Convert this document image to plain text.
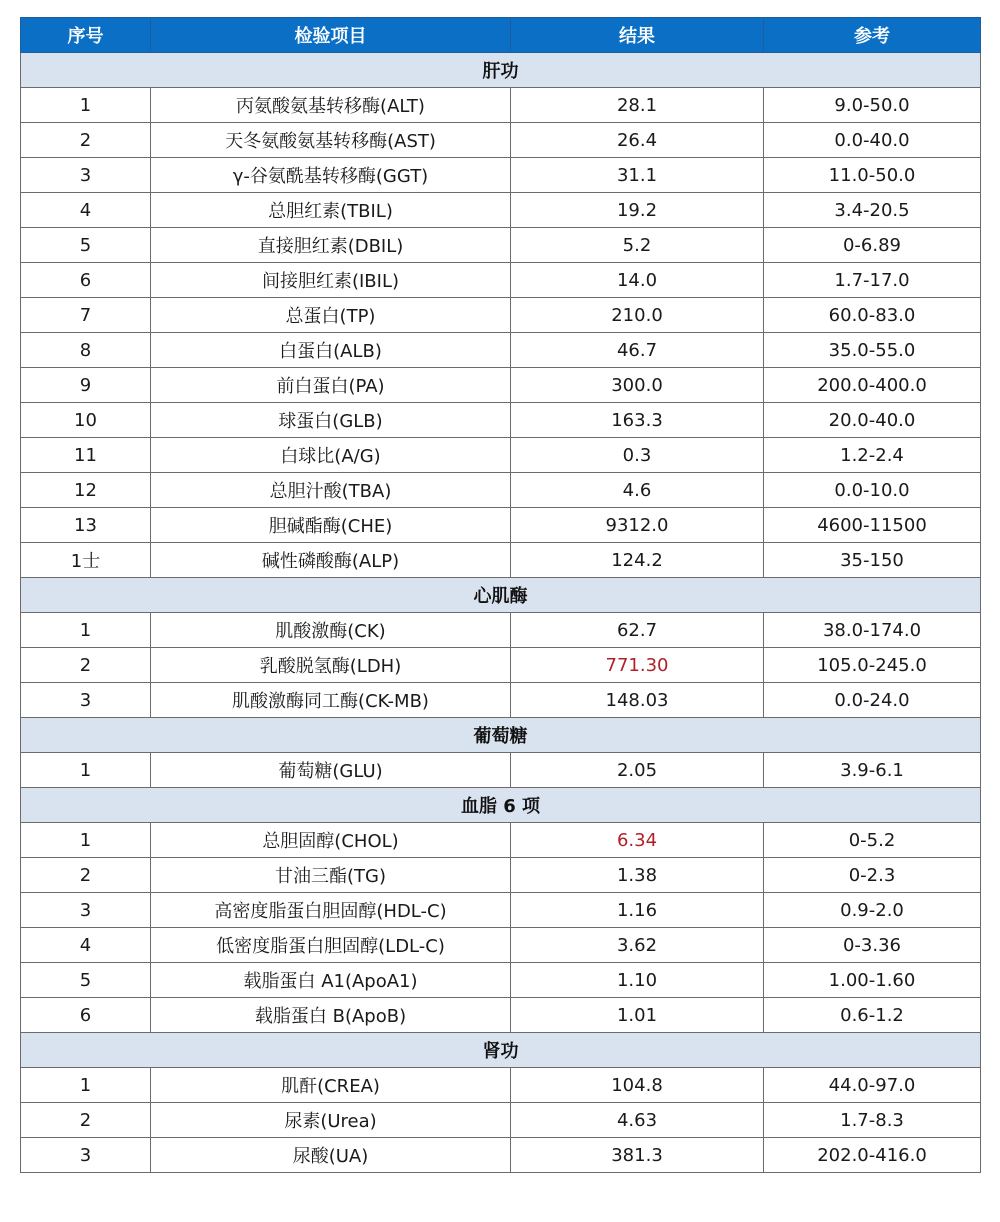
序号	检验项目	结果	参考
肝功			
1	丙氨酸氨基转移酶(ALT)	28.1	9.0-50.0
2	天冬氨酸氨基转移酶(AST)	26.4	0.0-40.0
3	γ-谷氨酰基转移酶(GGT)	31.1	11.0-50.0
4	总胆红素(TBIL)	19.2	3.4-20.5
5	直接胆红素(DBIL)	5.2	0-6.89
6	间接胆红素(IBIL)	14.0	1.7-17.0
7	总蛋白(TP)	210.0	60.0-83.0
8	白蛋白(ALB)	46.7	35.0-55.0
9	前白蛋白(PA)	300.0	200.0-400.0
10	球蛋白(GLB)	163.3	20.0-40.0
11	白球比(A/G)	0.3	1.2-2.4
12	总胆汁酸(TBA)	4.6	0.0-10.0
13	胆碱酯酶(CHE)	9312.0	4600-11500
1士	碱性磷酸酶(ALP)	124.2	35-150
心肌酶			
1	肌酸激酶(CK)	62.7	38.0-174.0
2	乳酸脱氢酶(LDH)	771.30	105.0-245.0
3	肌酸激酶同工酶(CK-MB)	148.03	0.0-24.0
葡萄糖			
1	葡萄糖(GLU)	2.05	3.9-6.1
血脂 6 项			
1	总胆固醇(CHOL)	6.34	0-5.2
2	甘油三酯(TG)	1.38	0-2.3
3	高密度脂蛋白胆固醇(HDL-C)	1.16	0.9-2.0
4	低密度脂蛋白胆固醇(LDL-C)	3.62	0-3.36
5	载脂蛋白 A1(ApoA1)	1.10	1.00-1.60
6	载脂蛋白 B(ApoB)	1.01	0.6-1.2
肾功			
1	肌酐(CREA)	104.8	44.0-97.0
2	尿素(Urea)	4.63	1.7-8.3
3	尿酸(UA)	381.3	202.0-416.0
